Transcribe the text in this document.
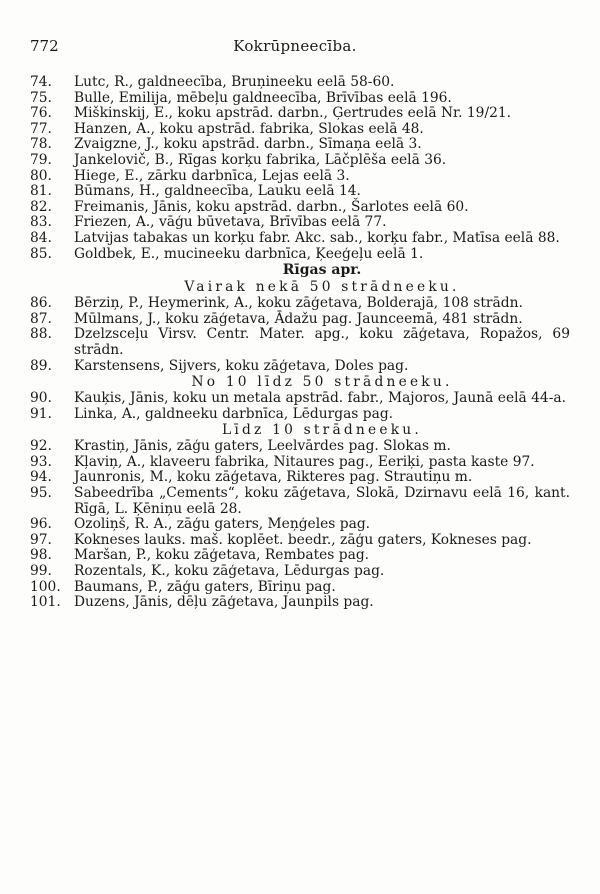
772	Kokrūpneecība.
74.	Lutc, R., galdneecība, Bruņineeku eelā 58-60.
75.	Bulle, Emilija, mēbeļu galdneecība, Brīvības eelā 196.
76.	Miškinskij, E., koku apstrād. darbn., Ģertrudes eelā Nr. 19/21.
77.	Hanzen, A., koku apstrād. fabrika, Slokas eelā 48.
78.	Zvaigzne, J., koku apstrād. darbn., Sīmaņa eelā 3.
79.	Jankelovič, B., Rīgas korķu fabrika, Lāčplēša eelā 36.
80.	Hiege, E., zārku darbnīca, Lejas eelā 3.
81.	Būmans, H., galdneecība, Lauku eelā 14.
82.	Freimanis, Jānis, koku apstrād. darbn., Šarlotes eelā 60.
83.	Friezen, A., vāģu būvetava, Brīvības eelā 77.
84.	Latvijas tabakas un korķu fabr. Akc. sab., korķu fabr., Matīsa eelā 88.
85.	Goldbek, E., mucineeku darbnīca, Ķeeģeļu eelā 1.
Rīgas apr.
Vairak nekā 50 strādneeku.
86.	Bērziņ, P., Heymerink, A., koku zāģetava, Bolderajā, 108 strādn.
87.	Mūlmans, J., koku zāģetava, Ādažu pag. Jaunceemā, 481 strādn.
88.	Dzelzsceļu Virsv. Centr. Mater. apg., koku zāģetava, Ropažos, 69 strādn.
89.	Karstensens, Sijvers, koku zāģetava, Doles pag.
No 10 līdz 50 strādneeku.
90.	Kauķis, Jānis, koku un metala apstrād. fabr., Majoros, Jaunā eelā 44-a.
91.	Linka, A., galdneeku darbnīca, Lēdurgas pag.
Līdz 10 strādneeku.
92.	Krastiņ, Jānis, zāģu gaters, Leelvārdes pag. Slokas m.
93.	Kļaviņ, A., klaveeru fabrika, Nitaures pag., Eeriķi, pasta kaste 97.
94.	Jaunronis, M., koku zāģetava, Rikteres pag. Strautiņu m.
95.	Sabeedrība „Cements“, koku zāģetava, Slokā, Dzirnavu eelā 16, kant. Rīgā, L. Ķēniņu eelā 28.
96.	Ozoliņš, R. A., zāģu gaters, Meņģeles pag.
97.	Kokneses lauks. maš. koplēet. beedr., zāģu gaters, Kokneses pag.
98.	Maršan, P., koku zāģetava, Rembates pag.
99.	Rozentals, K., koku zāģetava, Lēdurgas pag.
100. Baumans, P., zāģu gaters, Bīriņu pag.
101. Duzens, Jānis, dēļu zāģetava, Jaunpils pag.
